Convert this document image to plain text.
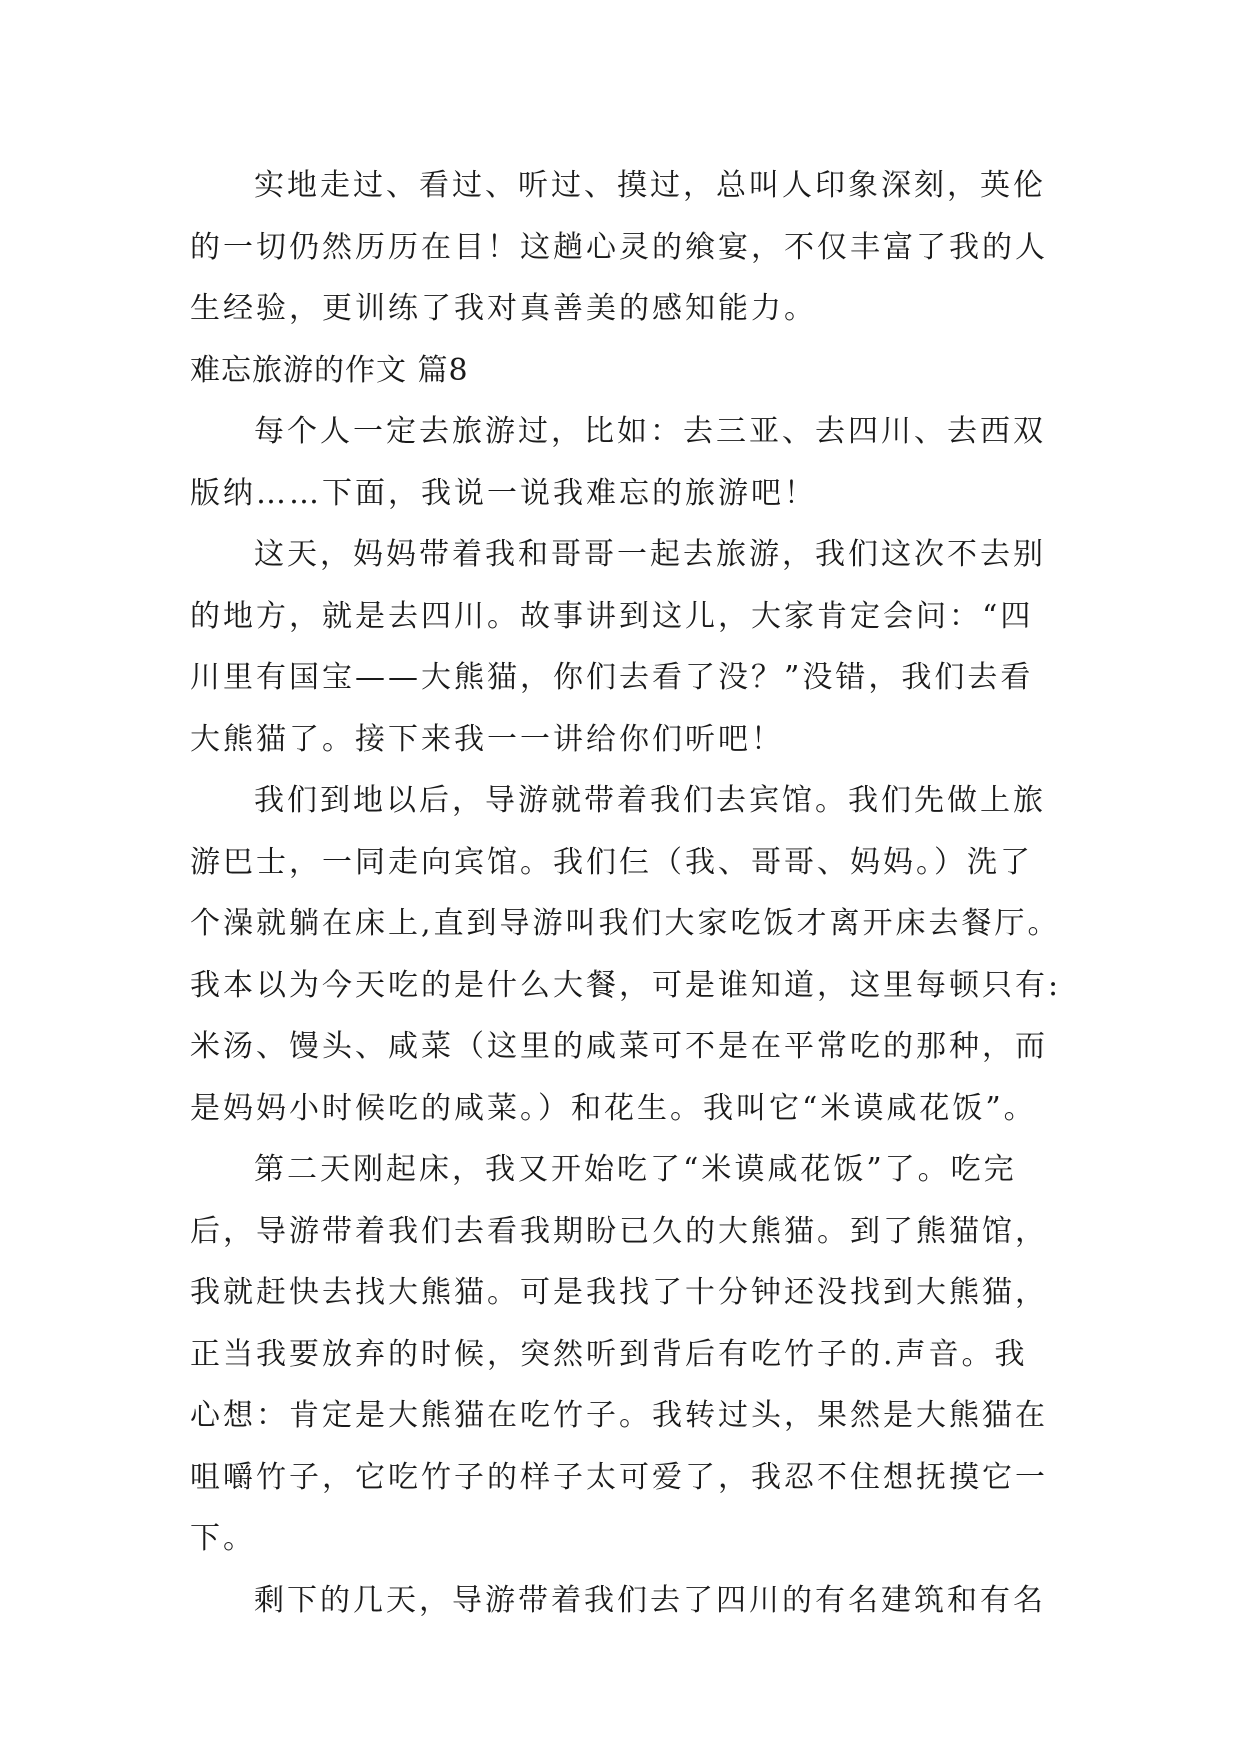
实地走过、看过、听过、摸过，总叫人印象深刻，英伦
的一切仍然历历在目！这趟心灵的飨宴，不仅丰富了我的人
生经验，更训练了我对真善美的感知能力。
难忘旅游的作文 篇8
每个人一定去旅游过，比如：去三亚、去四川、去西双
版纳……下面，我说一说我难忘的旅游吧！
这天，妈妈带着我和哥哥一起去旅游，我们这次不去别
的地方，就是去四川。故事讲到这儿，大家肯定会问：“四
川里有国宝——大熊猫，你们去看了没？”没错，我们去看
大熊猫了。接下来我一一讲给你们听吧！
我们到地以后，导游就带着我们去宾馆。我们先做上旅
游巴士，一同走向宾馆。我们仨（我、哥哥、妈妈。）洗了
个澡就躺在床上,直到导游叫我们大家吃饭才离开床去餐厅。
我本以为今天吃的是什么大餐，可是谁知道，这里每顿只有:
米汤、馒头、咸菜（这里的咸菜可不是在平常吃的那种，而
是妈妈小时候吃的咸菜。）和花生。我叫它“米谟咸花饭”。
第二天刚起床，我又开始吃了“米谟咸花饭”了。吃完
后，导游带着我们去看我期盼已久的大熊猫。到了熊猫馆，
我就赶快去找大熊猫。可是我找了十分钟还没找到大熊猫，
正当我要放弃的时候，突然听到背后有吃竹子的.声音。我
心想：肯定是大熊猫在吃竹子。我转过头，果然是大熊猫在
咀嚼竹子，它吃竹子的样子太可爱了，我忍不住想抚摸它一
下。
剩下的几天，导游带着我们去了四川的有名建筑和有名
